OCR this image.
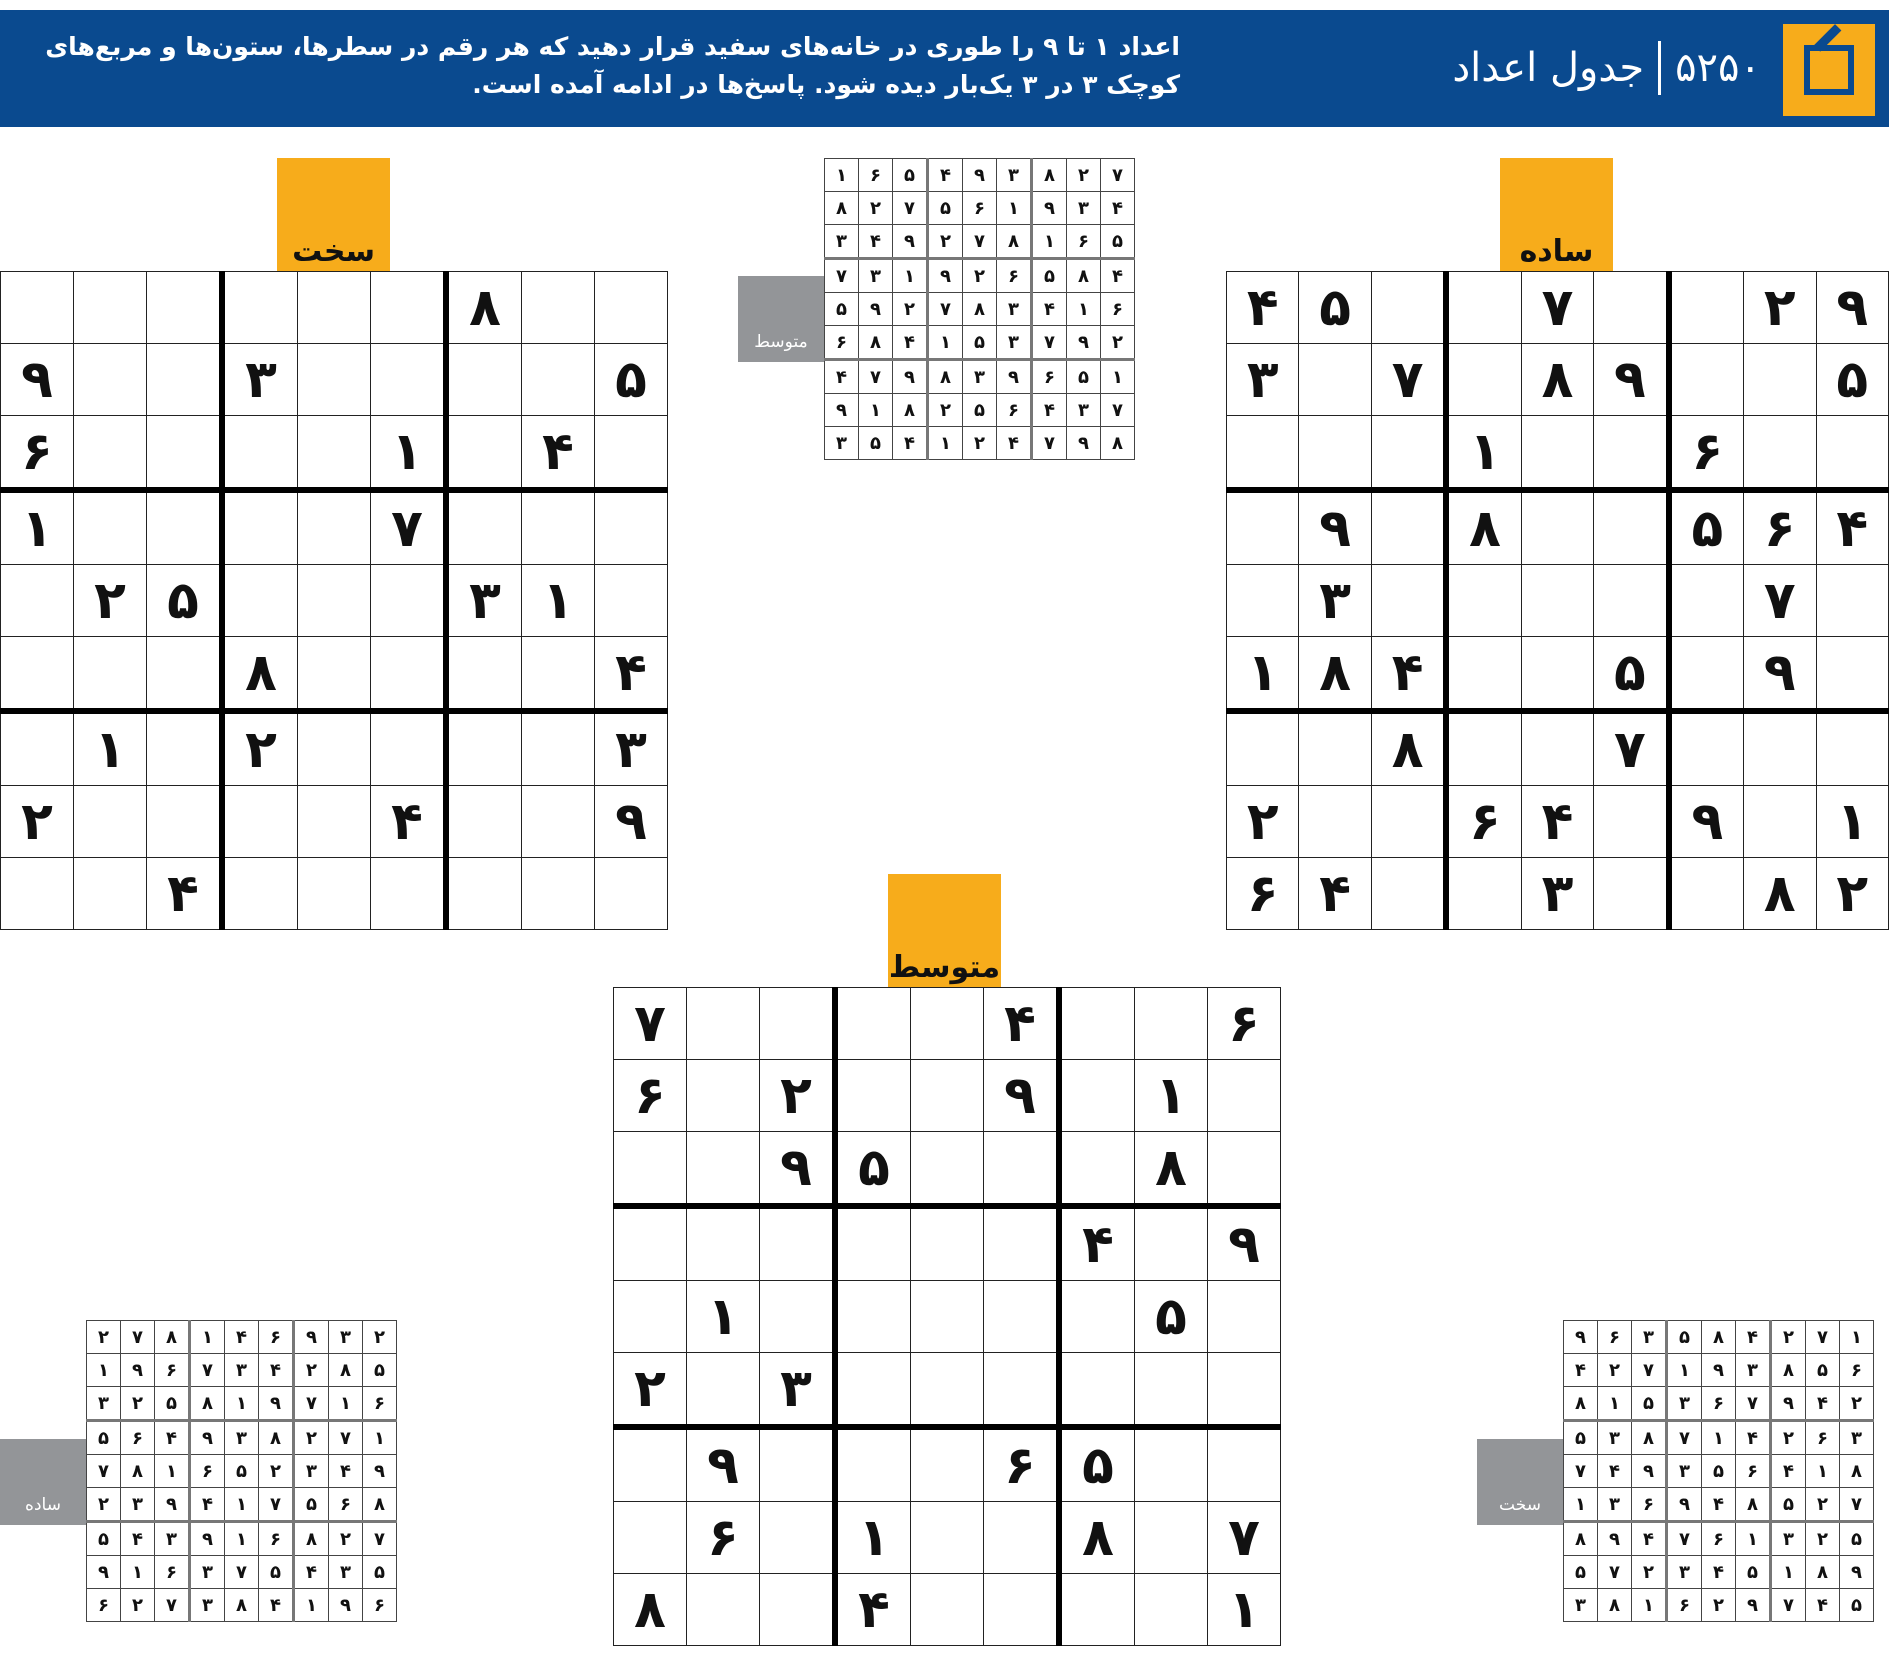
اعداد ۱ تا ۹ را طوری در خانه‌های سفید قرار دهید که هر رقم در سطرها، ستون‌ها و مربع‌های کوچک ۳ در ۳ یک‌بار دیده شود. پاسخ‌ها در ادامه آمده است.	جدول اعداد ۵۲۵۰
سخت
						۸		
۹			۳					۵
۶					۱		۴	
۱					۷			
	۲	۵				۳	۱	
			۸					۴
	۱		۲					۳
۲					۴			۹
		۴						
ساده
۴	۵			۷			۲	۹
۳		۷		۸	۹			۵
			۱			۶		
	۹		۸			۵	۶	۴
	۳						۷	
۱	۸	۴			۵		۹	
		۸			۷			
۲			۶	۴		۹		۱
۶	۴			۳			۸	۲
متوسط
۷					۴			۶
۶		۲			۹		۱	
		۹	۵				۸	
						۴		۹
	۱						۵	
۲		۳						
	۹				۶	۵		
	۶		۱			۸		۷
۸			۴					۱
متوسط
۱	۶	۵	۴	۹	۳	۸	۲	۷
۸	۲	۷	۵	۶	۱	۹	۳	۴
۳	۴	۹	۲	۷	۸	۱	۶	۵
۷	۳	۱	۹	۲	۶	۵	۸	۴
۵	۹	۲	۷	۸	۳	۴	۱	۶
۶	۸	۴	۱	۵	۳	۷	۹	۲
۴	۷	۹	۸	۳	۹	۶	۵	۱
۹	۱	۸	۲	۵	۶	۴	۳	۷
۳	۵	۴	۱	۲	۴	۷	۹	۸
ساده
۲	۷	۸	۱	۴	۶	۹	۳	۲
۱	۹	۶	۷	۳	۴	۲	۸	۵
۳	۲	۵	۸	۱	۹	۷	۱	۶
۵	۶	۴	۹	۳	۸	۲	۷	۱
۷	۸	۱	۶	۵	۲	۳	۴	۹
۲	۳	۹	۴	۱	۷	۵	۶	۸
۵	۴	۳	۹	۱	۶	۸	۲	۷
۹	۱	۶	۳	۷	۵	۴	۳	۵
۶	۲	۷	۳	۸	۴	۱	۹	۶
سخت
۹	۶	۳	۵	۸	۴	۲	۷	۱
۴	۲	۷	۱	۹	۳	۸	۵	۶
۸	۱	۵	۳	۶	۷	۹	۴	۲
۵	۳	۸	۷	۱	۴	۲	۶	۳
۷	۴	۹	۳	۵	۶	۴	۱	۸
۱	۳	۶	۹	۴	۸	۵	۲	۷
۸	۹	۴	۷	۶	۱	۳	۲	۵
۵	۷	۲	۳	۴	۵	۱	۸	۹
۳	۸	۱	۶	۲	۹	۷	۴	۵
